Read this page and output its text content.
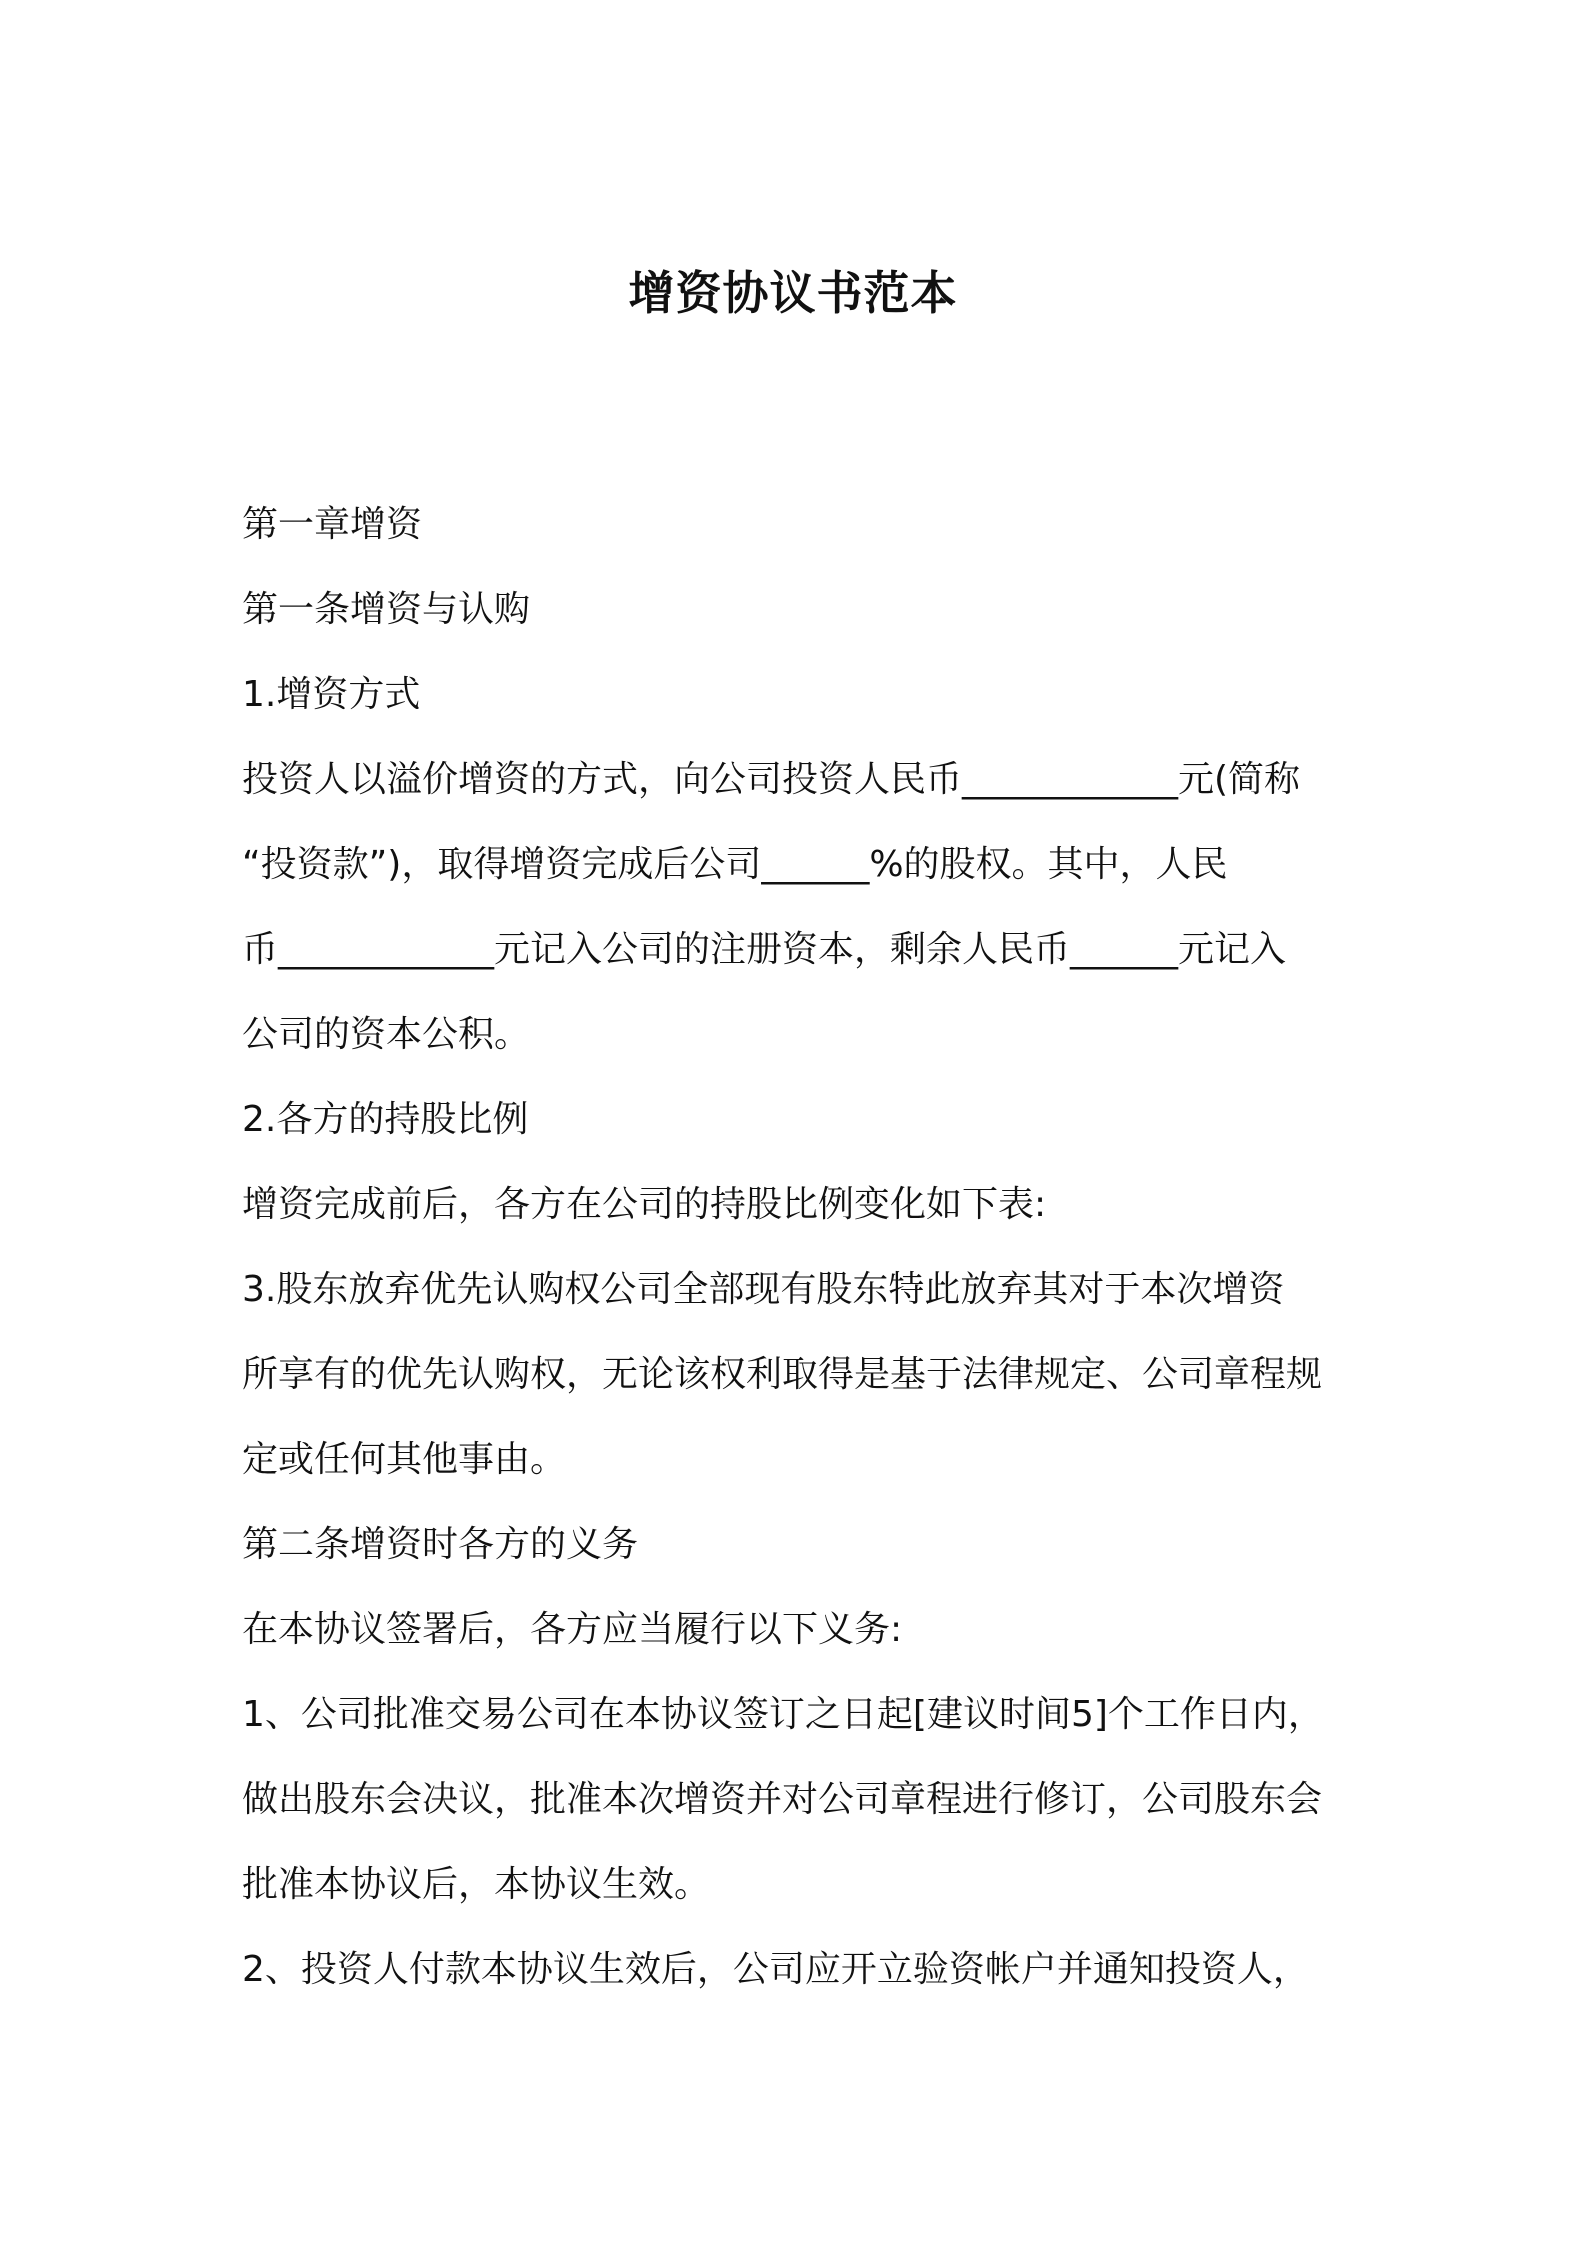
增资协议书范本

第一章增资

第一条增资与认购

1.增资方式

投资人以溢价增资的方式，向公司投资人民币____________元(简称

“投资款”)，取得增资完成后公司______%的股权。其中，人民

币____________元记入公司的注册资本，剩余人民币______元记入

公司的资本公积。

2.各方的持股比例

增资完成前后，各方在公司的持股比例变化如下表:

3.股东放弃优先认购权公司全部现有股东特此放弃其对于本次增资

所享有的优先认购权，无论该权利取得是基于法律规定、公司章程规

定或任何其他事由。

第二条增资时各方的义务

在本协议签署后，各方应当履行以下义务:

1、公司批准交易公司在本协议签订之日起[建议时间5]个工作日内，

做出股东会决议，批准本次增资并对公司章程进行修订，公司股东会

批准本协议后，本协议生效。

2、投资人付款本协议生效后，公司应开立验资帐户并通知投资人，
